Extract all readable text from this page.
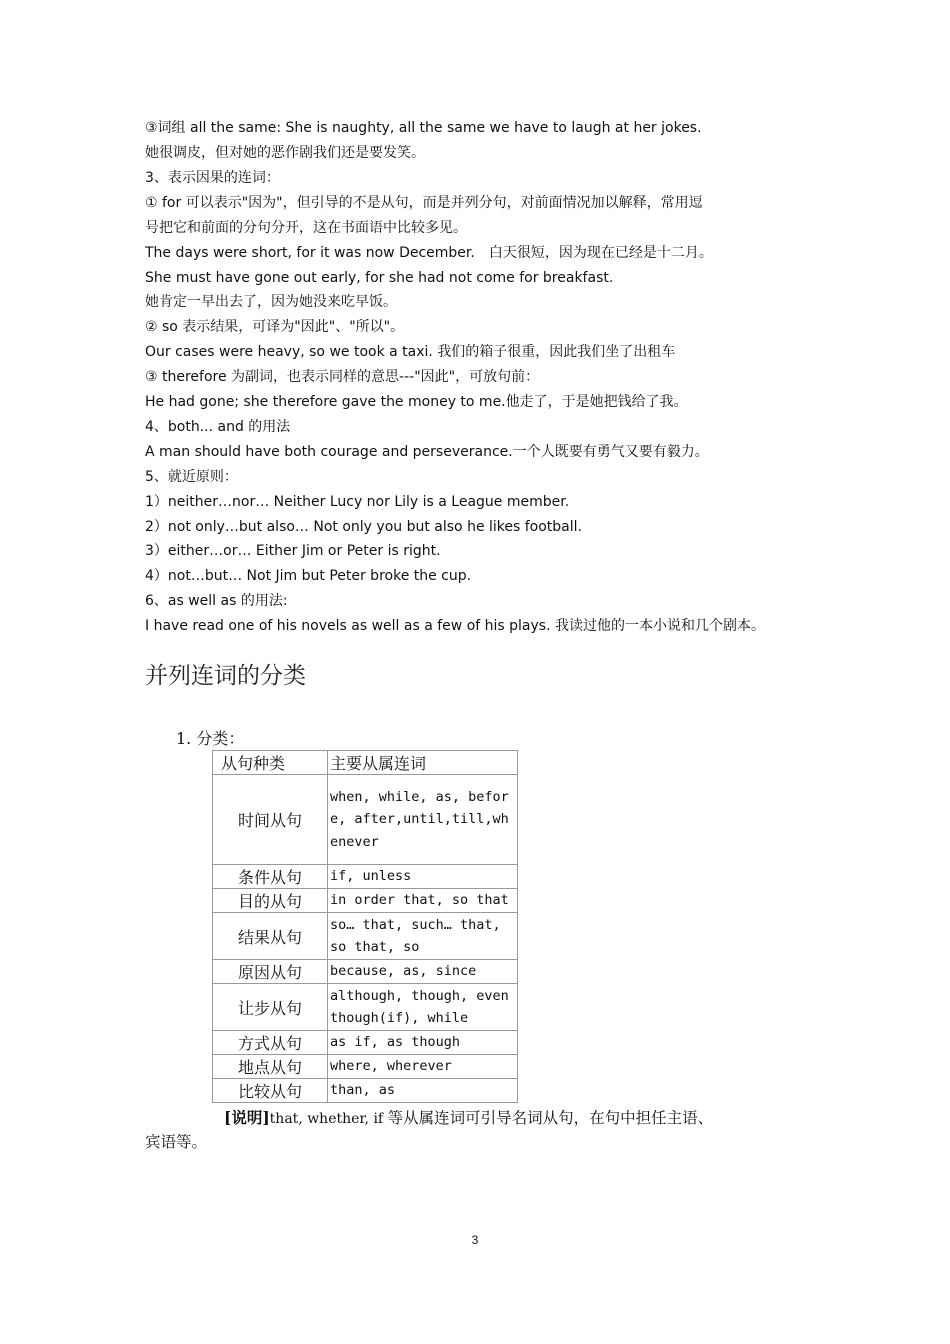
③词组 all the same: She is naughty, all the same we have to laugh at her jokes.
她很调皮，但对她的恶作剧我们还是要发笑。
3、表示因果的连词：
① for 可以表示"因为"，但引导的不是从句，而是并列分句，对前面情况加以解释，常用逗
号把它和前面的分句分开，这在书面语中比较多见。
The days were short, for it was now December.　白天很短，因为现在已经是十二月。
She must have gone out early, for she had not come for breakfast.
她肯定一早出去了，因为她没来吃早饭。
② so 表示结果，可译为"因此"、"所以"。
Our cases were heavy, so we took a taxi. 我们的箱子很重，因此我们坐了出租车
③ therefore 为副词，也表示同样的意思---"因此"，可放句前：
He had gone; she therefore gave the money to me.他走了，于是她把钱给了我。
4、both... and 的用法
A man should have both courage and perseverance.一个人既要有勇气又要有毅力。
5、就近原则：
1）neither…nor… Neither Lucy nor Lily is a League member.
2）not only…but also… Not only you but also he likes football.
3）either…or… Either Jim or Peter is right.
4）not…but… Not Jim but Peter broke the cup.
6、as well as 的用法:
I have read one of his novels as well as a few of his plays. 我读过他的一本小说和几个剧本。
并列连词的分类
1. 分类：
从句种类	主要从属连词
时间从句	when, while, as, before, after,until,till,whenever
条件从句	if, unless
目的从句	in order that, so that
结果从句	so… that, such… that, so that, so
原因从句	because, as, since
让步从句	although, though, even though(if), while
方式从句	as if, as though
地点从句	where, wherever
比较从句	than, as
[说明]that, whether, if 等从属连词可引导名词从句，在句中担任主语、
宾语等。
3
